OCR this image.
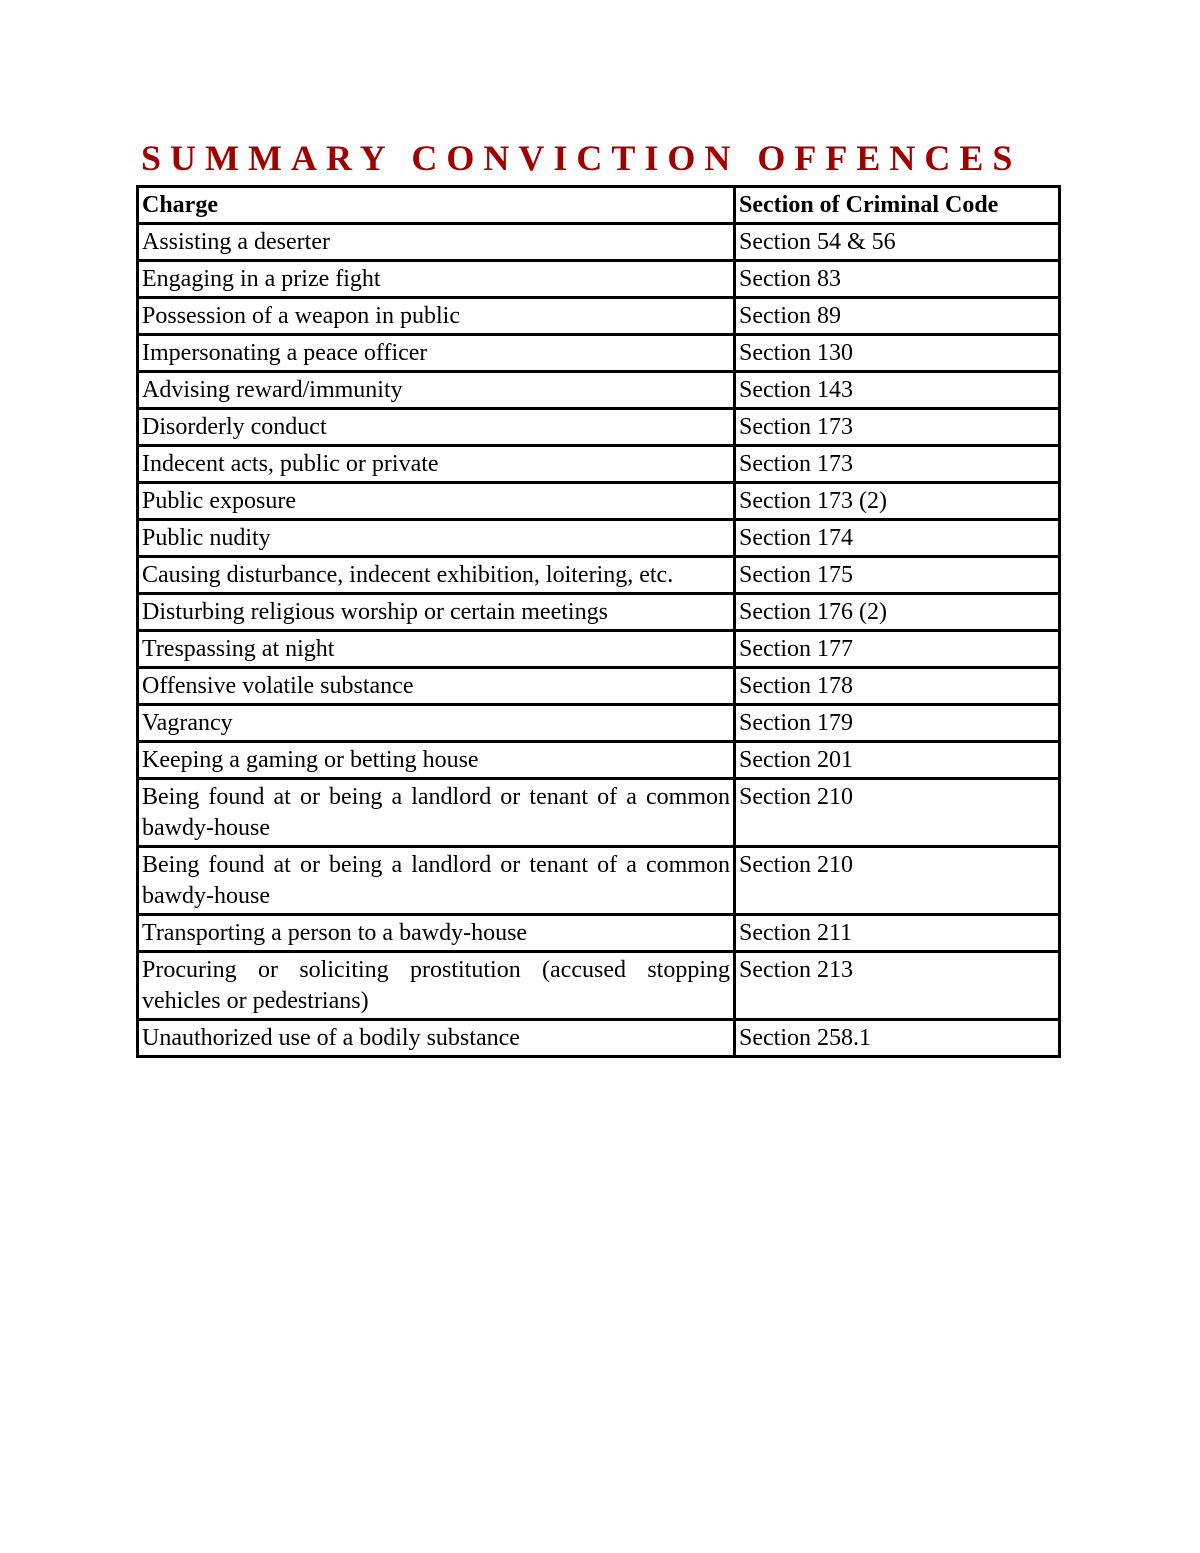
SUMMARY CONVICTION OFFENCES
Charge	Section of Criminal Code
Assisting a deserter	Section 54 & 56
Engaging in a prize fight	Section 83
Possession of a weapon in public	Section 89
Impersonating a peace officer	Section 130
Advising reward/immunity	Section 143
Disorderly conduct	Section 173
Indecent acts, public or private	Section 173
Public exposure	Section 173 (2)
Public nudity	Section 174
Causing disturbance, indecent exhibition, loitering, etc.	Section 175
Disturbing religious worship or certain meetings	Section 176 (2)
Trespassing at night	Section 177
Offensive volatile substance	Section 178
Vagrancy	Section 179
Keeping a gaming or betting house	Section 201
Being found at or being a landlord or tenant of a common bawdy-house	Section 210
Being found at or being a landlord or tenant of a common bawdy-house	Section 210
Transporting a person to a bawdy-house	Section 211
Procuring or soliciting prostitution (accused stopping vehicles or pedestrians)	Section 213
Unauthorized use of a bodily substance	Section 258.1
